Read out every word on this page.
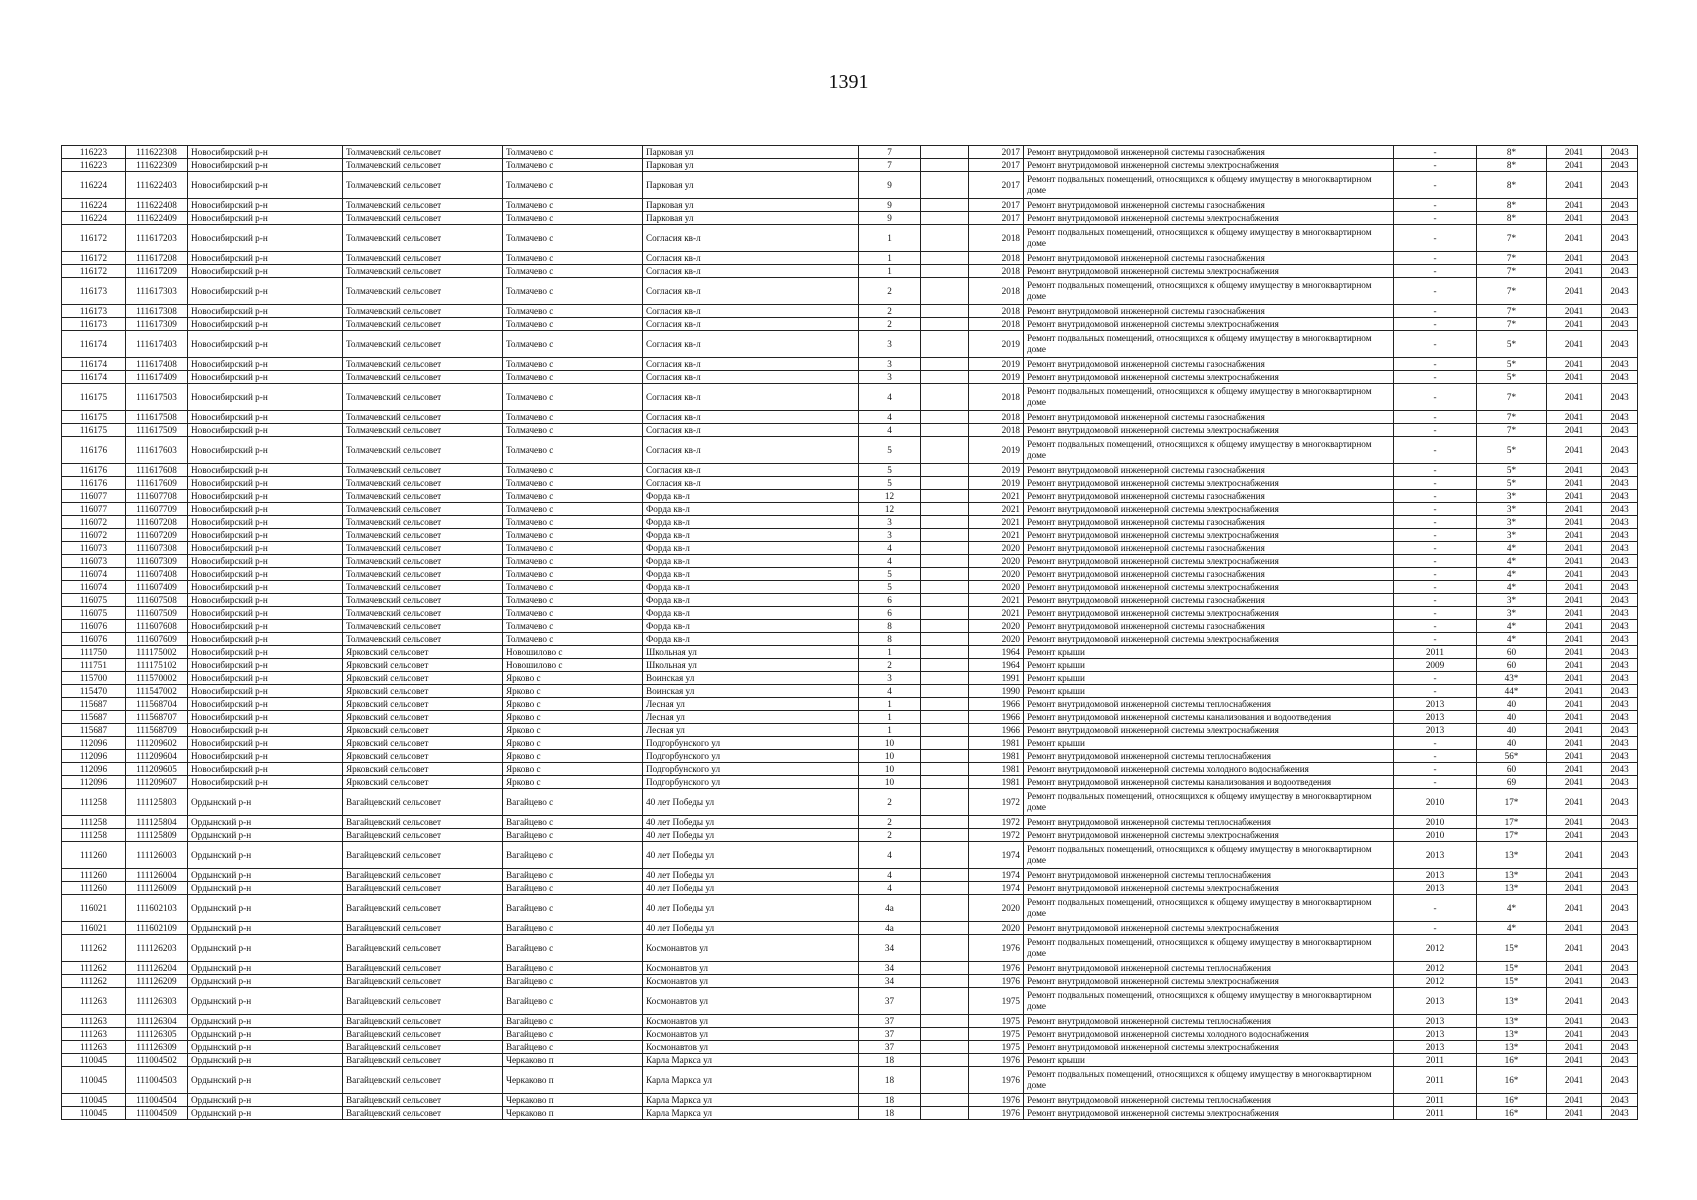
1391
116223	111622308	Новосибирский р-н	Толмачевский сельсовет	Толмачево с	Парковая ул	7		2017	Ремонт внутридомовой инженерной системы газоснабжения	-	8*	2041	2043
116223	111622309	Новосибирский р-н	Толмачевский сельсовет	Толмачево с	Парковая ул	7		2017	Ремонт внутридомовой инженерной системы электроснабжения	-	8*	2041	2043
116224	111622403	Новосибирский р-н	Толмачевский сельсовет	Толмачево с	Парковая ул	9		2017	Ремонт подвальных помещений, относящихся к общему имуществу в многоквартирном доме	-	8*	2041	2043
116224	111622408	Новосибирский р-н	Толмачевский сельсовет	Толмачево с	Парковая ул	9		2017	Ремонт внутридомовой инженерной системы газоснабжения	-	8*	2041	2043
116224	111622409	Новосибирский р-н	Толмачевский сельсовет	Толмачево с	Парковая ул	9		2017	Ремонт внутридомовой инженерной системы электроснабжения	-	8*	2041	2043
116172	111617203	Новосибирский р-н	Толмачевский сельсовет	Толмачево с	Согласия кв-л	1		2018	Ремонт подвальных помещений, относящихся к общему имуществу в многоквартирном доме	-	7*	2041	2043
116172	111617208	Новосибирский р-н	Толмачевский сельсовет	Толмачево с	Согласия кв-л	1		2018	Ремонт внутридомовой инженерной системы газоснабжения	-	7*	2041	2043
116172	111617209	Новосибирский р-н	Толмачевский сельсовет	Толмачево с	Согласия кв-л	1		2018	Ремонт внутридомовой инженерной системы электроснабжения	-	7*	2041	2043
116173	111617303	Новосибирский р-н	Толмачевский сельсовет	Толмачево с	Согласия кв-л	2		2018	Ремонт подвальных помещений, относящихся к общему имуществу в многоквартирном доме	-	7*	2041	2043
116173	111617308	Новосибирский р-н	Толмачевский сельсовет	Толмачево с	Согласия кв-л	2		2018	Ремонт внутридомовой инженерной системы газоснабжения	-	7*	2041	2043
116173	111617309	Новосибирский р-н	Толмачевский сельсовет	Толмачево с	Согласия кв-л	2		2018	Ремонт внутридомовой инженерной системы электроснабжения	-	7*	2041	2043
116174	111617403	Новосибирский р-н	Толмачевский сельсовет	Толмачево с	Согласия кв-л	3		2019	Ремонт подвальных помещений, относящихся к общему имуществу в многоквартирном доме	-	5*	2041	2043
116174	111617408	Новосибирский р-н	Толмачевский сельсовет	Толмачево с	Согласия кв-л	3		2019	Ремонт внутридомовой инженерной системы газоснабжения	-	5*	2041	2043
116174	111617409	Новосибирский р-н	Толмачевский сельсовет	Толмачево с	Согласия кв-л	3		2019	Ремонт внутридомовой инженерной системы электроснабжения	-	5*	2041	2043
116175	111617503	Новосибирский р-н	Толмачевский сельсовет	Толмачево с	Согласия кв-л	4		2018	Ремонт подвальных помещений, относящихся к общему имуществу в многоквартирном доме	-	7*	2041	2043
116175	111617508	Новосибирский р-н	Толмачевский сельсовет	Толмачево с	Согласия кв-л	4		2018	Ремонт внутридомовой инженерной системы газоснабжения	-	7*	2041	2043
116175	111617509	Новосибирский р-н	Толмачевский сельсовет	Толмачево с	Согласия кв-л	4		2018	Ремонт внутридомовой инженерной системы электроснабжения	-	7*	2041	2043
116176	111617603	Новосибирский р-н	Толмачевский сельсовет	Толмачево с	Согласия кв-л	5		2019	Ремонт подвальных помещений, относящихся к общему имуществу в многоквартирном доме	-	5*	2041	2043
116176	111617608	Новосибирский р-н	Толмачевский сельсовет	Толмачево с	Согласия кв-л	5		2019	Ремонт внутридомовой инженерной системы газоснабжения	-	5*	2041	2043
116176	111617609	Новосибирский р-н	Толмачевский сельсовет	Толмачево с	Согласия кв-л	5		2019	Ремонт внутридомовой инженерной системы электроснабжения	-	5*	2041	2043
116077	111607708	Новосибирский р-н	Толмачевский сельсовет	Толмачево с	Форда кв-л	12		2021	Ремонт внутридомовой инженерной системы газоснабжения	-	3*	2041	2043
116077	111607709	Новосибирский р-н	Толмачевский сельсовет	Толмачево с	Форда кв-л	12		2021	Ремонт внутридомовой инженерной системы электроснабжения	-	3*	2041	2043
116072	111607208	Новосибирский р-н	Толмачевский сельсовет	Толмачево с	Форда кв-л	3		2021	Ремонт внутридомовой инженерной системы газоснабжения	-	3*	2041	2043
116072	111607209	Новосибирский р-н	Толмачевский сельсовет	Толмачево с	Форда кв-л	3		2021	Ремонт внутридомовой инженерной системы электроснабжения	-	3*	2041	2043
116073	111607308	Новосибирский р-н	Толмачевский сельсовет	Толмачево с	Форда кв-л	4		2020	Ремонт внутридомовой инженерной системы газоснабжения	-	4*	2041	2043
116073	111607309	Новосибирский р-н	Толмачевский сельсовет	Толмачево с	Форда кв-л	4		2020	Ремонт внутридомовой инженерной системы электроснабжения	-	4*	2041	2043
116074	111607408	Новосибирский р-н	Толмачевский сельсовет	Толмачево с	Форда кв-л	5		2020	Ремонт внутридомовой инженерной системы газоснабжения	-	4*	2041	2043
116074	111607409	Новосибирский р-н	Толмачевский сельсовет	Толмачево с	Форда кв-л	5		2020	Ремонт внутридомовой инженерной системы электроснабжения	-	4*	2041	2043
116075	111607508	Новосибирский р-н	Толмачевский сельсовет	Толмачево с	Форда кв-л	6		2021	Ремонт внутридомовой инженерной системы газоснабжения	-	3*	2041	2043
116075	111607509	Новосибирский р-н	Толмачевский сельсовет	Толмачево с	Форда кв-л	6		2021	Ремонт внутридомовой инженерной системы электроснабжения	-	3*	2041	2043
116076	111607608	Новосибирский р-н	Толмачевский сельсовет	Толмачево с	Форда кв-л	8		2020	Ремонт внутридомовой инженерной системы газоснабжения	-	4*	2041	2043
116076	111607609	Новосибирский р-н	Толмачевский сельсовет	Толмачево с	Форда кв-л	8		2020	Ремонт внутридомовой инженерной системы электроснабжения	-	4*	2041	2043
111750	111175002	Новосибирский р-н	Ярковский сельсовет	Новошилово с	Школьная ул	1		1964	Ремонт крыши	2011	60	2041	2043
111751	111175102	Новосибирский р-н	Ярковский сельсовет	Новошилово с	Школьная ул	2		1964	Ремонт крыши	2009	60	2041	2043
115700	111570002	Новосибирский р-н	Ярковский сельсовет	Ярково с	Воинская ул	3		1991	Ремонт крыши	-	43*	2041	2043
115470	111547002	Новосибирский р-н	Ярковский сельсовет	Ярково с	Воинская ул	4		1990	Ремонт крыши	-	44*	2041	2043
115687	111568704	Новосибирский р-н	Ярковский сельсовет	Ярково с	Лесная ул	1		1966	Ремонт внутридомовой инженерной системы теплоснабжения	2013	40	2041	2043
115687	111568707	Новосибирский р-н	Ярковский сельсовет	Ярково с	Лесная ул	1		1966	Ремонт внутридомовой инженерной системы канализования и водоотведения	2013	40	2041	2043
115687	111568709	Новосибирский р-н	Ярковский сельсовет	Ярково с	Лесная ул	1		1966	Ремонт внутридомовой инженерной системы электроснабжения	2013	40	2041	2043
112096	111209602	Новосибирский р-н	Ярковский сельсовет	Ярково с	Подгорбунского ул	10		1981	Ремонт крыши	-	40	2041	2043
112096	111209604	Новосибирский р-н	Ярковский сельсовет	Ярково с	Подгорбунского ул	10		1981	Ремонт внутридомовой инженерной системы теплоснабжения	-	56*	2041	2043
112096	111209605	Новосибирский р-н	Ярковский сельсовет	Ярково с	Подгорбунского ул	10		1981	Ремонт внутридомовой инженерной системы холодного водоснабжения	-	60	2041	2043
112096	111209607	Новосибирский р-н	Ярковский сельсовет	Ярково с	Подгорбунского ул	10		1981	Ремонт внутридомовой инженерной системы канализования и водоотведения	-	69	2041	2043
111258	111125803	Ордынский р-н	Вагайцевский сельсовет	Вагайцево с	40 лет Победы ул	2		1972	Ремонт подвальных помещений, относящихся к общему имуществу в многоквартирном доме	2010	17*	2041	2043
111258	111125804	Ордынский р-н	Вагайцевский сельсовет	Вагайцево с	40 лет Победы ул	2		1972	Ремонт внутридомовой инженерной системы теплоснабжения	2010	17*	2041	2043
111258	111125809	Ордынский р-н	Вагайцевский сельсовет	Вагайцево с	40 лет Победы ул	2		1972	Ремонт внутридомовой инженерной системы электроснабжения	2010	17*	2041	2043
111260	111126003	Ордынский р-н	Вагайцевский сельсовет	Вагайцево с	40 лет Победы ул	4		1974	Ремонт подвальных помещений, относящихся к общему имуществу в многоквартирном доме	2013	13*	2041	2043
111260	111126004	Ордынский р-н	Вагайцевский сельсовет	Вагайцево с	40 лет Победы ул	4		1974	Ремонт внутридомовой инженерной системы теплоснабжения	2013	13*	2041	2043
111260	111126009	Ордынский р-н	Вагайцевский сельсовет	Вагайцево с	40 лет Победы ул	4		1974	Ремонт внутридомовой инженерной системы электроснабжения	2013	13*	2041	2043
116021	111602103	Ордынский р-н	Вагайцевский сельсовет	Вагайцево с	40 лет Победы ул	4а		2020	Ремонт подвальных помещений, относящихся к общему имуществу в многоквартирном доме	-	4*	2041	2043
116021	111602109	Ордынский р-н	Вагайцевский сельсовет	Вагайцево с	40 лет Победы ул	4а		2020	Ремонт внутридомовой инженерной системы электроснабжения	-	4*	2041	2043
111262	111126203	Ордынский р-н	Вагайцевский сельсовет	Вагайцево с	Космонавтов ул	34		1976	Ремонт подвальных помещений, относящихся к общему имуществу в многоквартирном доме	2012	15*	2041	2043
111262	111126204	Ордынский р-н	Вагайцевский сельсовет	Вагайцево с	Космонавтов ул	34		1976	Ремонт внутридомовой инженерной системы теплоснабжения	2012	15*	2041	2043
111262	111126209	Ордынский р-н	Вагайцевский сельсовет	Вагайцево с	Космонавтов ул	34		1976	Ремонт внутридомовой инженерной системы электроснабжения	2012	15*	2041	2043
111263	111126303	Ордынский р-н	Вагайцевский сельсовет	Вагайцево с	Космонавтов ул	37		1975	Ремонт подвальных помещений, относящихся к общему имуществу в многоквартирном доме	2013	13*	2041	2043
111263	111126304	Ордынский р-н	Вагайцевский сельсовет	Вагайцево с	Космонавтов ул	37		1975	Ремонт внутридомовой инженерной системы теплоснабжения	2013	13*	2041	2043
111263	111126305	Ордынский р-н	Вагайцевский сельсовет	Вагайцево с	Космонавтов ул	37		1975	Ремонт внутридомовой инженерной системы холодного водоснабжения	2013	13*	2041	2043
111263	111126309	Ордынский р-н	Вагайцевский сельсовет	Вагайцево с	Космонавтов ул	37		1975	Ремонт внутридомовой инженерной системы электроснабжения	2013	13*	2041	2043
110045	111004502	Ордынский р-н	Вагайцевский сельсовет	Черкаково п	Карла Маркса ул	18		1976	Ремонт крыши	2011	16*	2041	2043
110045	111004503	Ордынский р-н	Вагайцевский сельсовет	Черкаково п	Карла Маркса ул	18		1976	Ремонт подвальных помещений, относящихся к общему имуществу в многоквартирном доме	2011	16*	2041	2043
110045	111004504	Ордынский р-н	Вагайцевский сельсовет	Черкаково п	Карла Маркса ул	18		1976	Ремонт внутридомовой инженерной системы теплоснабжения	2011	16*	2041	2043
110045	111004509	Ордынский р-н	Вагайцевский сельсовет	Черкаково п	Карла Маркса ул	18		1976	Ремонт внутридомовой инженерной системы электроснабжения	2011	16*	2041	2043
